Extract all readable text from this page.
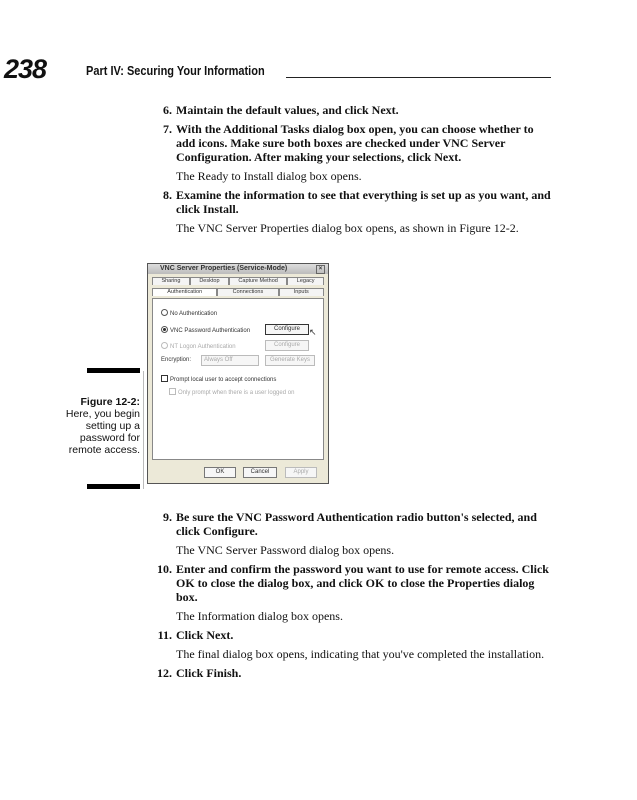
238	Part IV: Securing Your Information
6. Maintain the default values, and click Next.
7. With the Additional Tasks dialog box open, you can choose whether to add icons. Make sure both boxes are checked under VNC Server Configuration. After making your selections, click Next.
The Ready to Install dialog box opens.
8. Examine the information to see that everything is set up as you want, and click Install.
The VNC Server Properties dialog box opens, as shown in Figure 12-2.
Figure 12-2:
Here, you begin setting up a password for remote access.
VNC Server Properties (Service-Mode)	×
Sharing	Desktop	Capture Method	Legacy
Authentication	Connections	Inputs
No Authentication
VNC Password Authentication	Configure	↖
NT Logon Authentication	Configure
Encryption:	Always Off	Generate Keys
Prompt local user to accept connections
Only prompt when there is a user logged on
OK	Cancel	Apply
9. Be sure the VNC Password Authentication radio button's selected, and click Configure.
The VNC Server Password dialog box opens.
10. Enter and confirm the password you want to use for remote access. Click OK to close the dialog box, and click OK to close the Properties dialog box.
The Information dialog box opens.
11. Click Next.
The final dialog box opens, indicating that you've completed the installation.
12. Click Finish.
